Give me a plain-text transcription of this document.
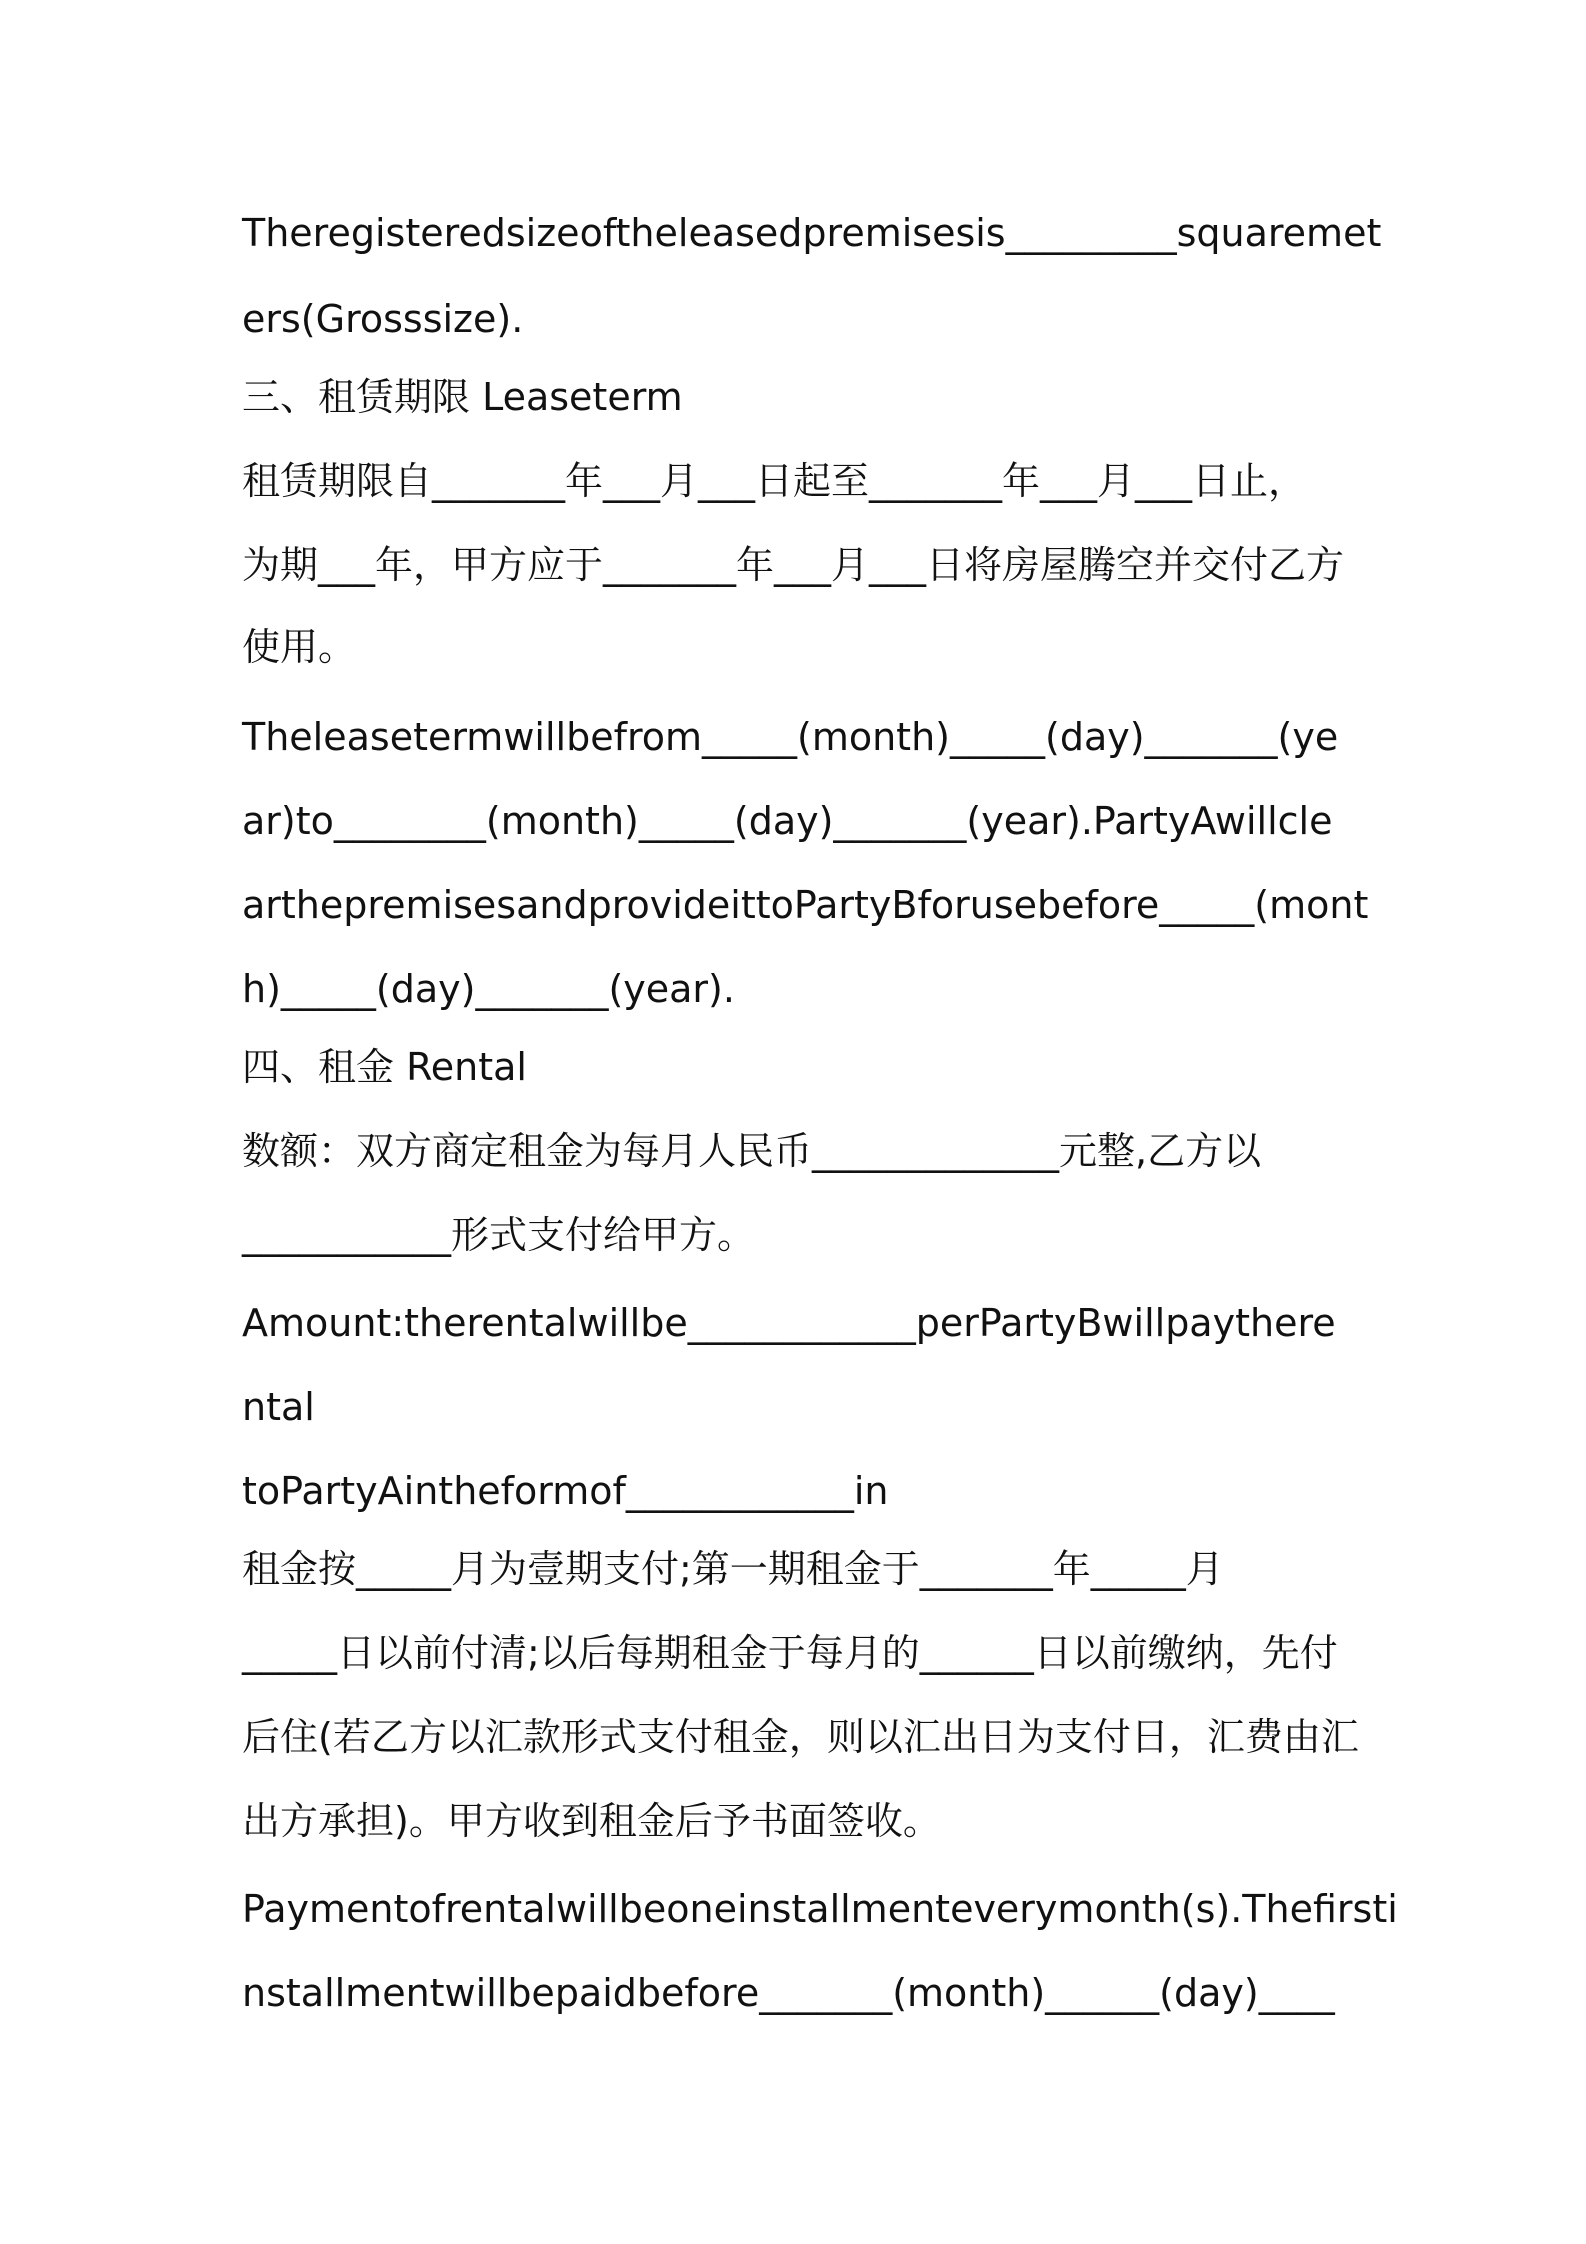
Theregisteredsizeoftheleasedpremisesis_________squaremet

ers(Grosssize).

三、租赁期限 Leaseterm

租赁期限自_______年___月___日起至_______年___月___日止，

为期___年，甲方应于_______年___月___日将房屋腾空并交付乙方

使用。

Theleasetermwillbefrom_____(month)_____(day)_______(ye

ar)to________(month)_____(day)_______(year).PartyAwillcle

arthepremisesandprovideittoPartyBforusebefore_____(mont

h)_____(day)_______(year).

四、租金 Rental

数额：双方商定租金为每月人民币_____________元整,乙方以

___________形式支付给甲方。

Amount:therentalwillbe____________perPartyBwillpaythere

ntal

toPartyAintheformof____________in

租金按_____月为壹期支付;第一期租金于_______年_____月

_____日以前付清;以后每期租金于每月的______日以前缴纳，先付

后住(若乙方以汇款形式支付租金，则以汇出日为支付日，汇费由汇

出方承担)。甲方收到租金后予书面签收。

Paymentofrentalwillbeoneinstallmenteverymonth(s).Thefirsti

nstallmentwillbepaidbefore_______(month)______(day)____
